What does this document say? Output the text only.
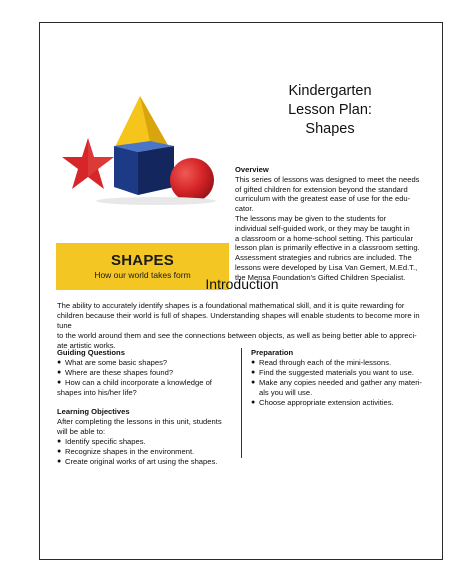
SHAPES
How our world takes form
Kindergarten
Lesson Plan:
Shapes
Overview
This series of lessons was designed to meet the needs
of gifted children for extension beyond the standard
curriculum with the greatest ease of use for the edu-
cator.
The lessons may be given to the students for
individual self-guided work, or they may be taught in
a classroom or a home-school setting. This particular
lesson plan is primarily effective in a classroom setting.
Assessment strategies and rubrics are included. The
lessons were developed by Lisa Van Gemert, M.Ed.T.,
the Mensa Foundation's Gifted Children Specialist.
Introduction
The ability to accurately identify shapes is a foundational mathematical skill, and it is quite rewarding for
children because their world is full of shapes. Understanding shapes will enable students to become more in tune
to the world around them and see the connections between objects, as well as being better able to appreci-
ate artistic works.
Guiding Questions
● What are some basic shapes?
● Where are these shapes found?
● How can a child incorporate a knowledge of
shapes into his/her life?
Learning Objectives
After completing the lessons in this unit, students
will be able to:
● Identify specific shapes.
● Recognize shapes in the environment.
● Create original works of art using the shapes.
Preparation
● Read through each of the mini-lessons.
● Find the suggested materials you want to use.
● Make any copies needed and gather any materi-
als you will use.
● Choose appropriate extension activities.
